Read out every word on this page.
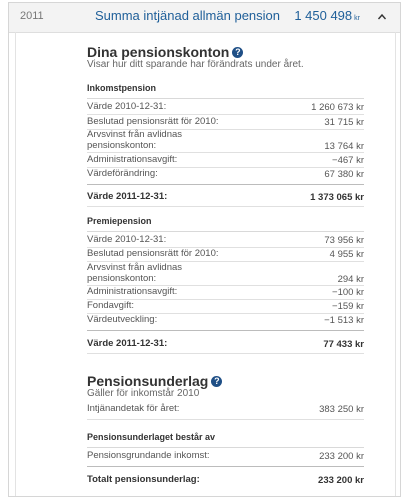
2011	Summa intjänad allmän pension 1 450 498 kr
Dina pensionskonton ?
Visar hur ditt sparande har förändrats under året.
Inkomstpension
Värde 2010-12-31:	1 260 673 kr
Beslutad pensionsrätt för 2010:	31 715 kr
Arvsvinst från avlidnas
pensionskonton:	13 764 kr
Administrationsavgift:	−467 kr
Värdeförändring:	67 380 kr
Värde 2011-12-31:	1 373 065 kr
Premiepension
Värde 2010-12-31:	73 956 kr
Beslutad pensionsrätt för 2010:	4 955 kr
Arvsvinst från avlidnas
pensionskonton:	294 kr
Administrationsavgift:	−100 kr
Fondavgift:	−159 kr
Värdeutveckling:	−1 513 kr
Värde 2011-12-31:	77 433 kr
Pensionsunderlag ?
Gäller för inkomstår 2010
Intjänandetak för året:	383 250 kr
Pensionsunderlaget består av
Pensionsgrundande inkomst:	233 200 kr
Totalt pensionsunderlag:	233 200 kr
